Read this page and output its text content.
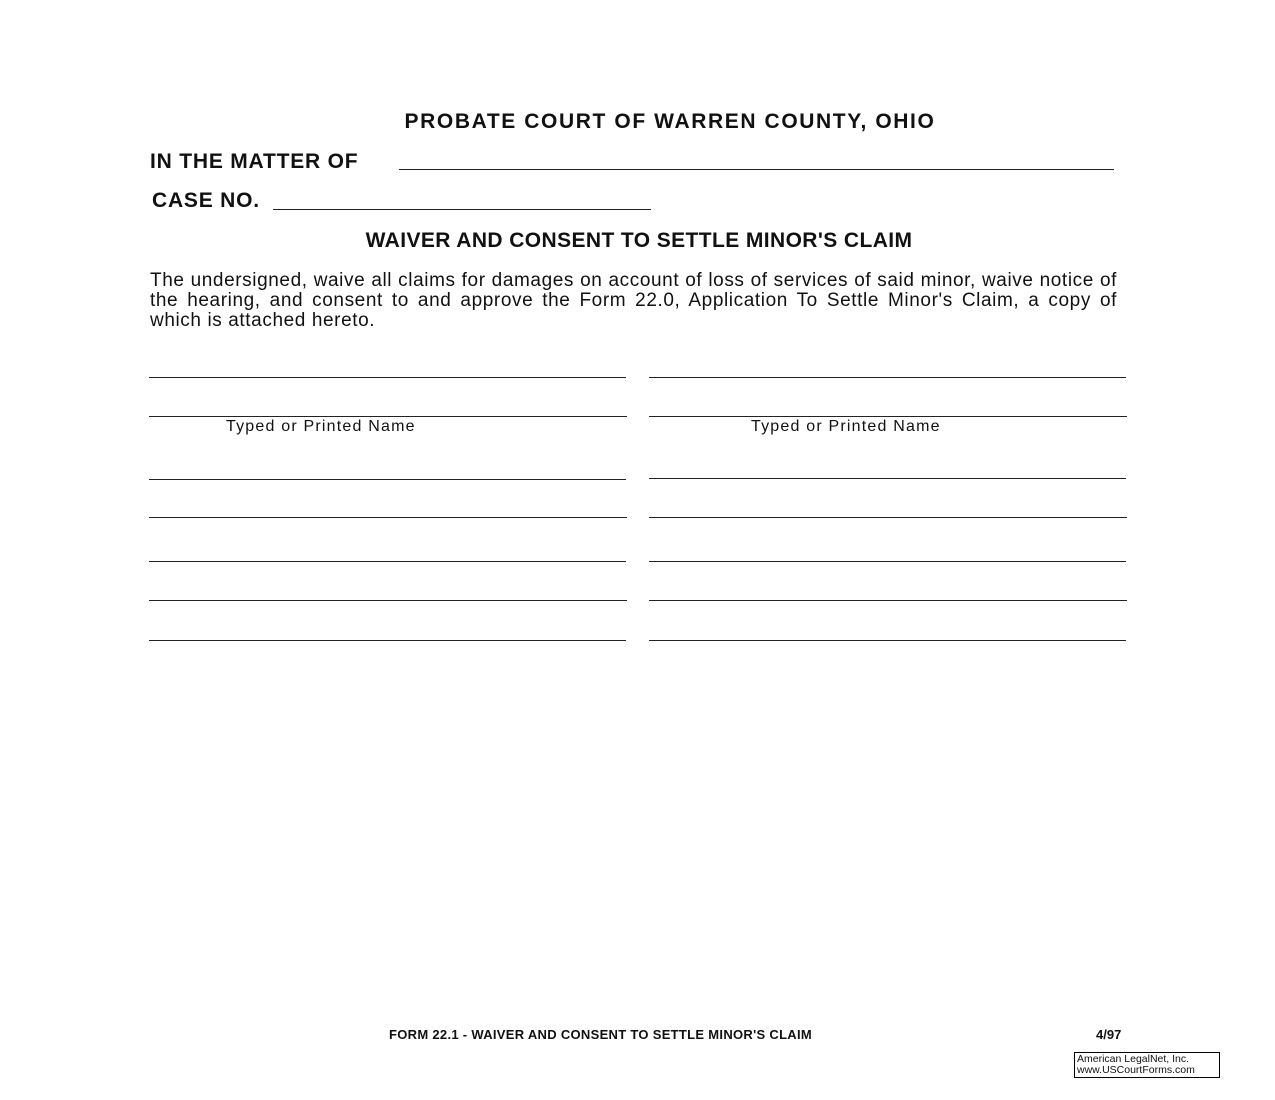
PROBATE COURT OF WARREN COUNTY, OHIO
IN THE MATTER OF
CASE NO.
WAIVER AND CONSENT TO SETTLE MINOR'S CLAIM
The undersigned, waive all claims for damages on account of loss of services of said minor, waive notice of the hearing, and consent to and approve the Form 22.0, Application To Settle Minor's Claim, a copy of which is attached hereto.
Typed or Printed Name	Typed or Printed Name
FORM 22.1 - WAIVER AND CONSENT TO SETTLE MINOR'S CLAIM	4/97
American LegalNet, Inc.
www.USCourtForms.com
